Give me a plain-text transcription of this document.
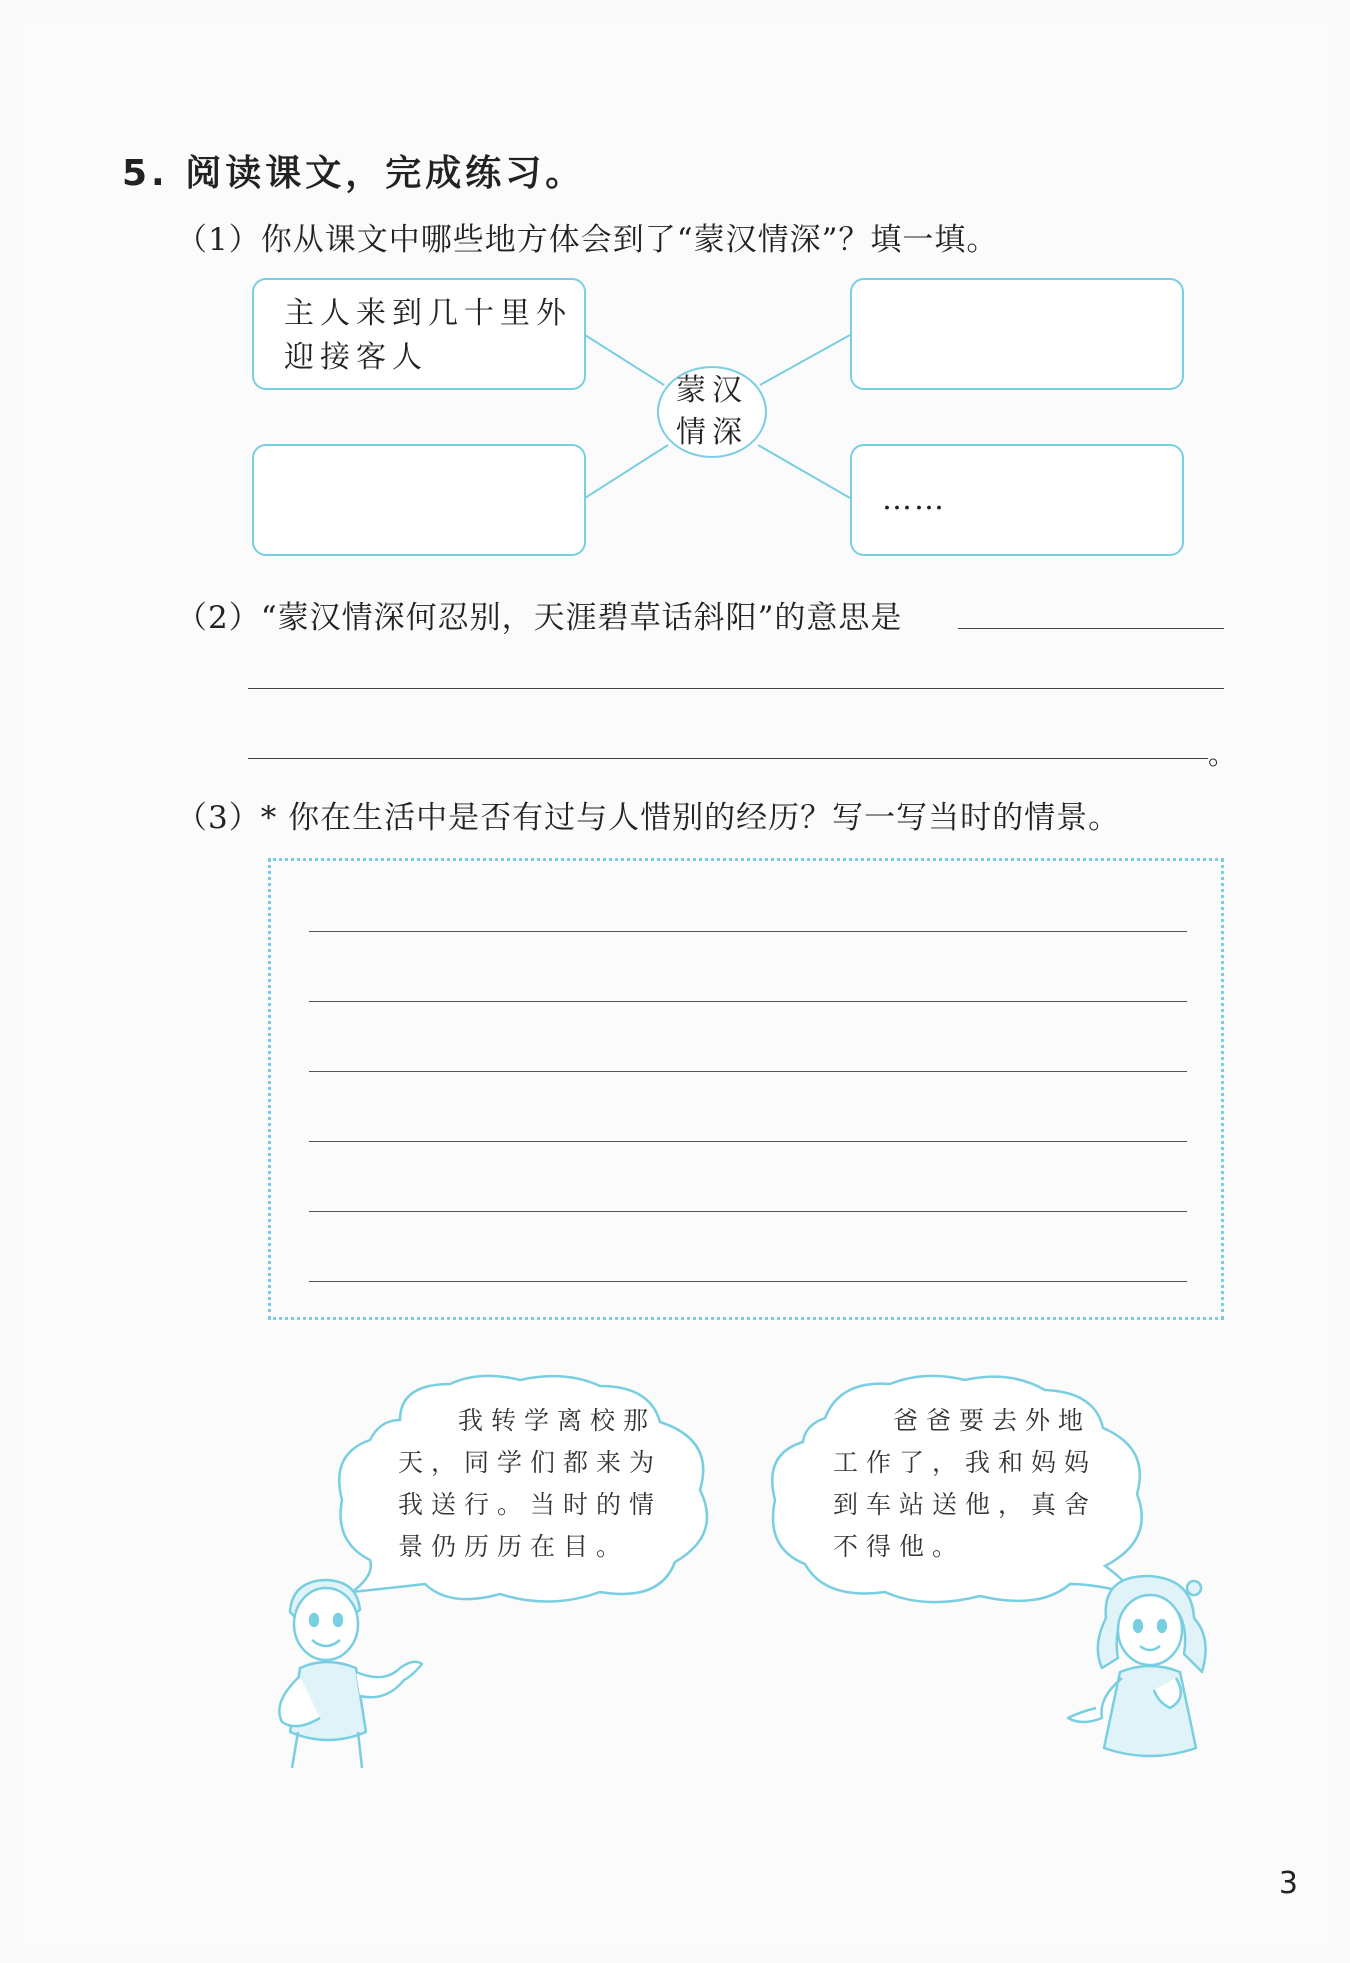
5. 阅读课文，完成练习。
（1）你从课文中哪些地方体会到了“蒙汉情深”？填一填。
主人来到几十里外
迎接客人
……
蒙汉
情深
（2）“蒙汉情深何忍别，天涯碧草话斜阳”的意思是
。
（3）* 你在生活中是否有过与人惜别的经历？写一写当时的情景。
我转学离校那
天，同学们都来为
我送行。当时的情
景仍历历在目。
爸爸要去外地
工作了，我和妈妈
到车站送他，真舍
不得他。
3
